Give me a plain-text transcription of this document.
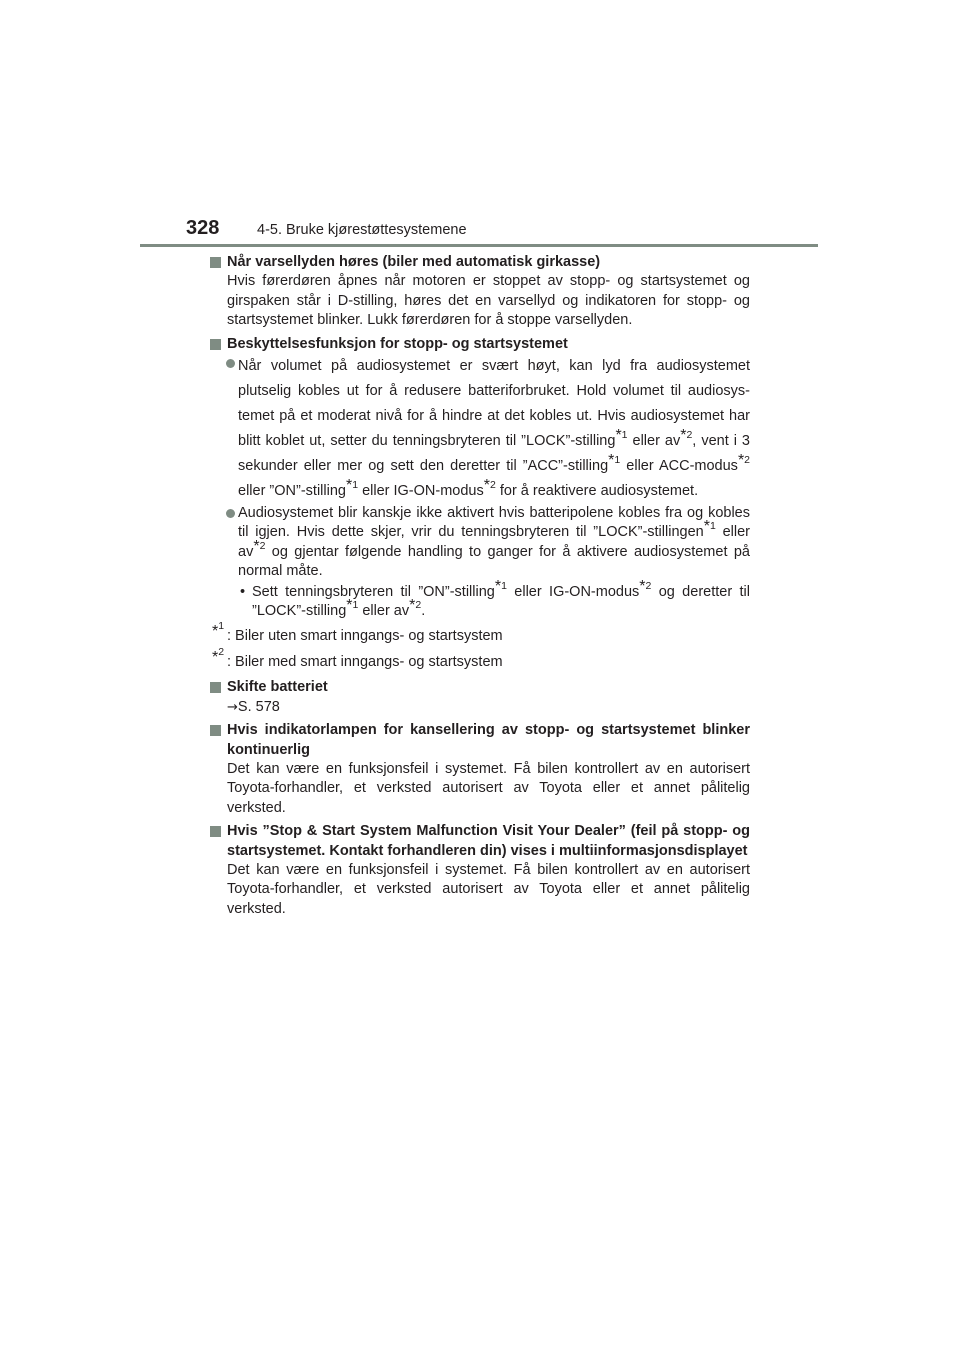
328	4-5. Bruke kjørestøttesystemene
Når varsellyden høres (biler med automatisk girkasse)
Hvis førerdøren åpnes når motoren er stoppet av stopp- og startsystemet og girspaken står i D-stilling, høres det en varsellyd og indikatoren for stopp- og startsystemet blinker. Lukk førerdøren for å stoppe varsellyden.
Beskyttelsesfunksjon for stopp- og startsystemet
Når volumet på audiosystemet er svært høyt, kan lyd fra audiosystemet plutselig kobles ut for å redusere batteriforbruket. Hold volumet til audiosystemet på et moderat nivå for å hindre at det kobles ut. Hvis audiosystemet har blitt koblet ut, setter du tenningsbryteren til ”LOCK”-stilling*$^1$ eller av*$^2$, vent i 3 sekunder eller mer og sett den deretter til ”ACC”-stilling*$^1$ eller ACC-modus*$^2$ eller ”ON”-stilling*$^1$ eller IG-ON-modus*$^2$ for å reaktivere audiosystemet.
Audiosystemet blir kanskje ikke aktivert hvis batteripolene kobles fra og kobles til igjen. Hvis dette skjer, vrir du tenningsbryteren til ”LOCK”-stillingen*$^1$ eller av*$^2$ og gjentar følgende handling to ganger for å aktivere audiosystemet på normal måte.
• Sett tenningsbryteren til ”ON”-stilling*$^1$ eller IG-ON-modus*$^2$ og deretter til ”LOCK”-stilling*$^1$ eller av*$^2$.
*$^1$
: Biler uten smart inngangs- og startsystem
*$^2$
: Biler med smart inngangs- og startsystem
Skifte batteriet
→S. 578
Hvis indikatorlampen for kansellering av stopp- og startsystemet blinker kontinuerlig
Det kan være en funksjonsfeil i systemet. Få bilen kontrollert av en autorisert Toyota-forhandler, et verksted autorisert av Toyota eller et annet pålitelig verksted.
Hvis ”Stop & Start System Malfunction Visit Your Dealer” (feil på stopp- og startsystemet. Kontakt forhandleren din) vises i multiinformasjonsdisplayet
Det kan være en funksjonsfeil i systemet. Få bilen kontrollert av en autorisert Toyota-forhandler, et verksted autorisert av Toyota eller et annet pålitelig verksted.
